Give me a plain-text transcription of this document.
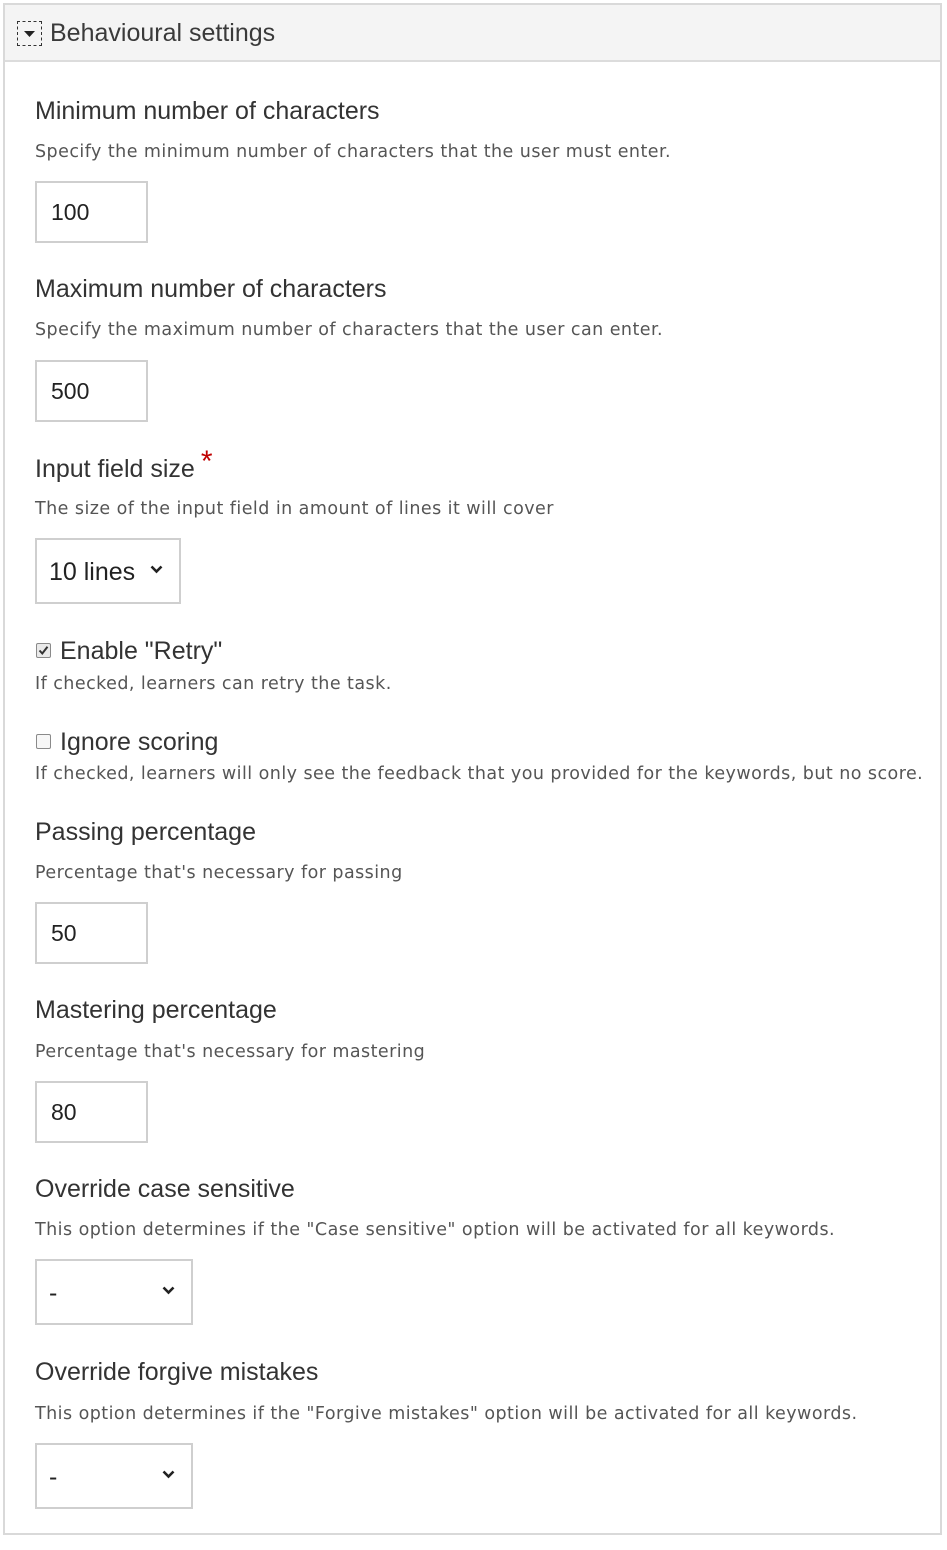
Behavioural settings
Minimum number of characters
Specify the minimum number of characters that the user must enter.
100
Maximum number of characters
Specify the maximum number of characters that the user can enter.
500
Input field size *
The size of the input field in amount of lines it will cover
10 lines
Enable "Retry"
If checked, learners can retry the task.
Ignore scoring
If checked, learners will only see the feedback that you provided for the keywords, but no score.
Passing percentage
Percentage that's necessary for passing
50
Mastering percentage
Percentage that's necessary for mastering
80
Override case sensitive
This option determines if the "Case sensitive" option will be activated for all keywords.
-
Override forgive mistakes
This option determines if the "Forgive mistakes" option will be activated for all keywords.
-
